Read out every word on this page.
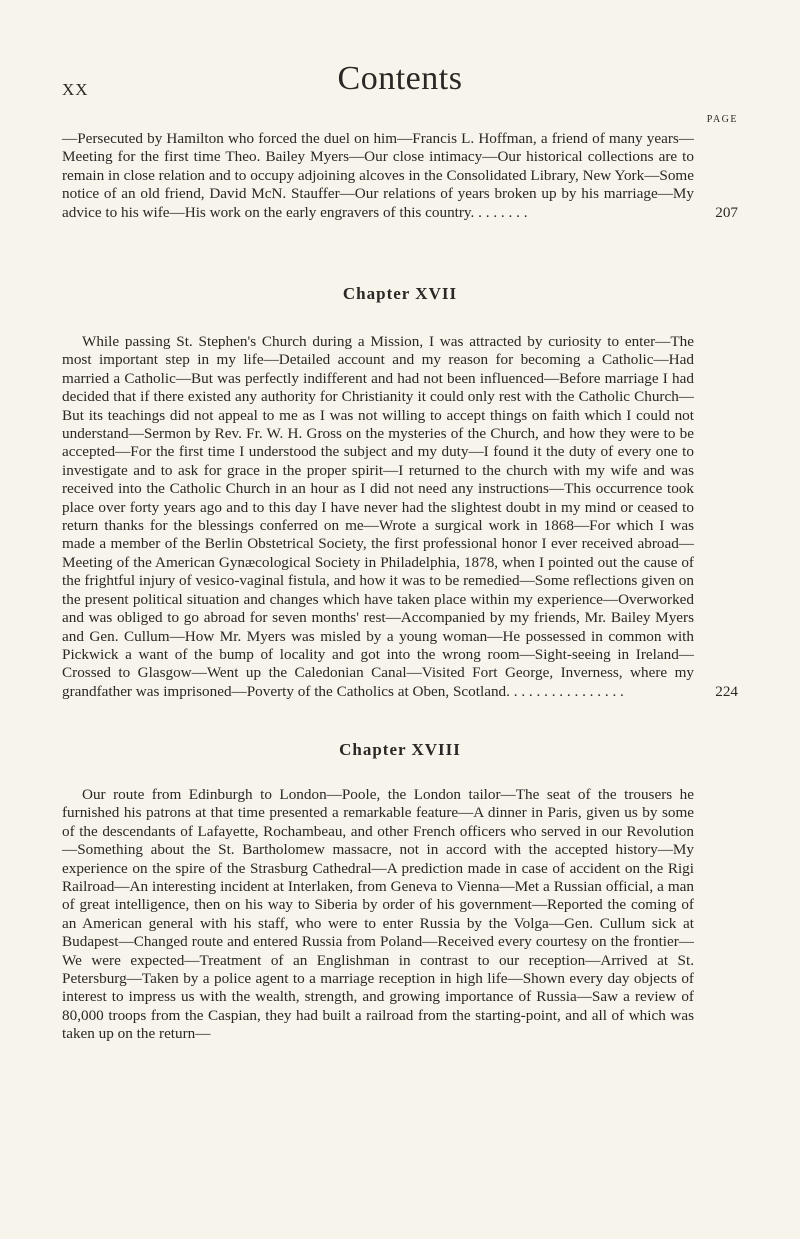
XX	Contents
PAGE

—Persecuted by Hamilton who forced the duel on him—Francis L. Hoffman, a friend of many years—Meeting for the first time Theo. Bailey Myers—Our close intimacy—Our historical collections are to remain in close relation and to occupy adjoining alcoves in the Consolidated Library, New York—Some notice of an old friend, David McN. Stauffer—Our relations of years broken up by his marriage—My advice to his wife—His work on the early engravers of this country. . . . . . . .	207
Chapter XVII

While passing St. Stephen's Church during a Mission, I was attracted by curiosity to enter—The most important step in my life—Detailed account and my reason for becoming a Catholic—Had married a Catholic—But was perfectly indifferent and had not been influenced—Before marriage I had decided that if there existed any authority for Christianity it could only rest with the Catholic Church—But its teachings did not appeal to me as I was not willing to accept things on faith which I could not understand—Sermon by Rev. Fr. W. H. Gross on the mysteries of the Church, and how they were to be accepted—For the first time I understood the subject and my duty—I found it the duty of every one to investigate and to ask for grace in the proper spirit—I returned to the church with my wife and was received into the Catholic Church in an hour as I did not need any instructions—This occurrence took place over forty years ago and to this day I have never had the slightest doubt in my mind or ceased to return thanks for the blessings conferred on me—Wrote a surgical work in 1868—For which I was made a member of the Berlin Obstetrical Society, the first professional honor I ever received abroad—Meeting of the American Gynæcological Society in Philadelphia, 1878, when I pointed out the cause of the frightful injury of vesico-vaginal fistula, and how it was to be remedied—Some reflections given on the present political situation and changes which have taken place within my experience—Overworked and was obliged to go abroad for seven months' rest—Accompanied by my friends, Mr. Bailey Myers and Gen. Cullum—How Mr. Myers was misled by a young woman—He possessed in common with Pickwick a want of the bump of locality and got into the wrong room—Sight-seeing in Ireland—Crossed to Glasgow—Went up the Caledonian Canal—Visited Fort George, Inverness, where my grandfather was imprisoned—Poverty of the Catholics at Oben, Scotland. . . . . . . . . . . . . . . .	224
Chapter XVIII

Our route from Edinburgh to London—Poole, the London tailor—The seat of the trousers he furnished his patrons at that time presented a remarkable feature—A dinner in Paris, given us by some of the descendants of Lafayette, Rochambeau, and other French officers who served in our Revolution—Something about the St. Bartholomew massacre, not in accord with the accepted history—My experience on the spire of the Strasburg Cathedral—A prediction made in case of accident on the Rigi Railroad—An interesting incident at Interlaken, from Geneva to Vienna—Met a Russian official, a man of great intelligence, then on his way to Siberia by order of his government—Reported the coming of an American general with his staff, who were to enter Russia by the Volga—Gen. Cullum sick at Budapest—Changed route and entered Russia from Poland—Received every courtesy on the frontier—We were expected—Treatment of an Englishman in contrast to our reception—Arrived at St. Petersburg—Taken by a police agent to a marriage reception in high life—Shown every day objects of interest to impress us with the wealth, strength, and growing importance of Russia—Saw a review of 80,000 troops from the Caspian, they had built a railroad from the starting-point, and all of which was taken up on the return—
